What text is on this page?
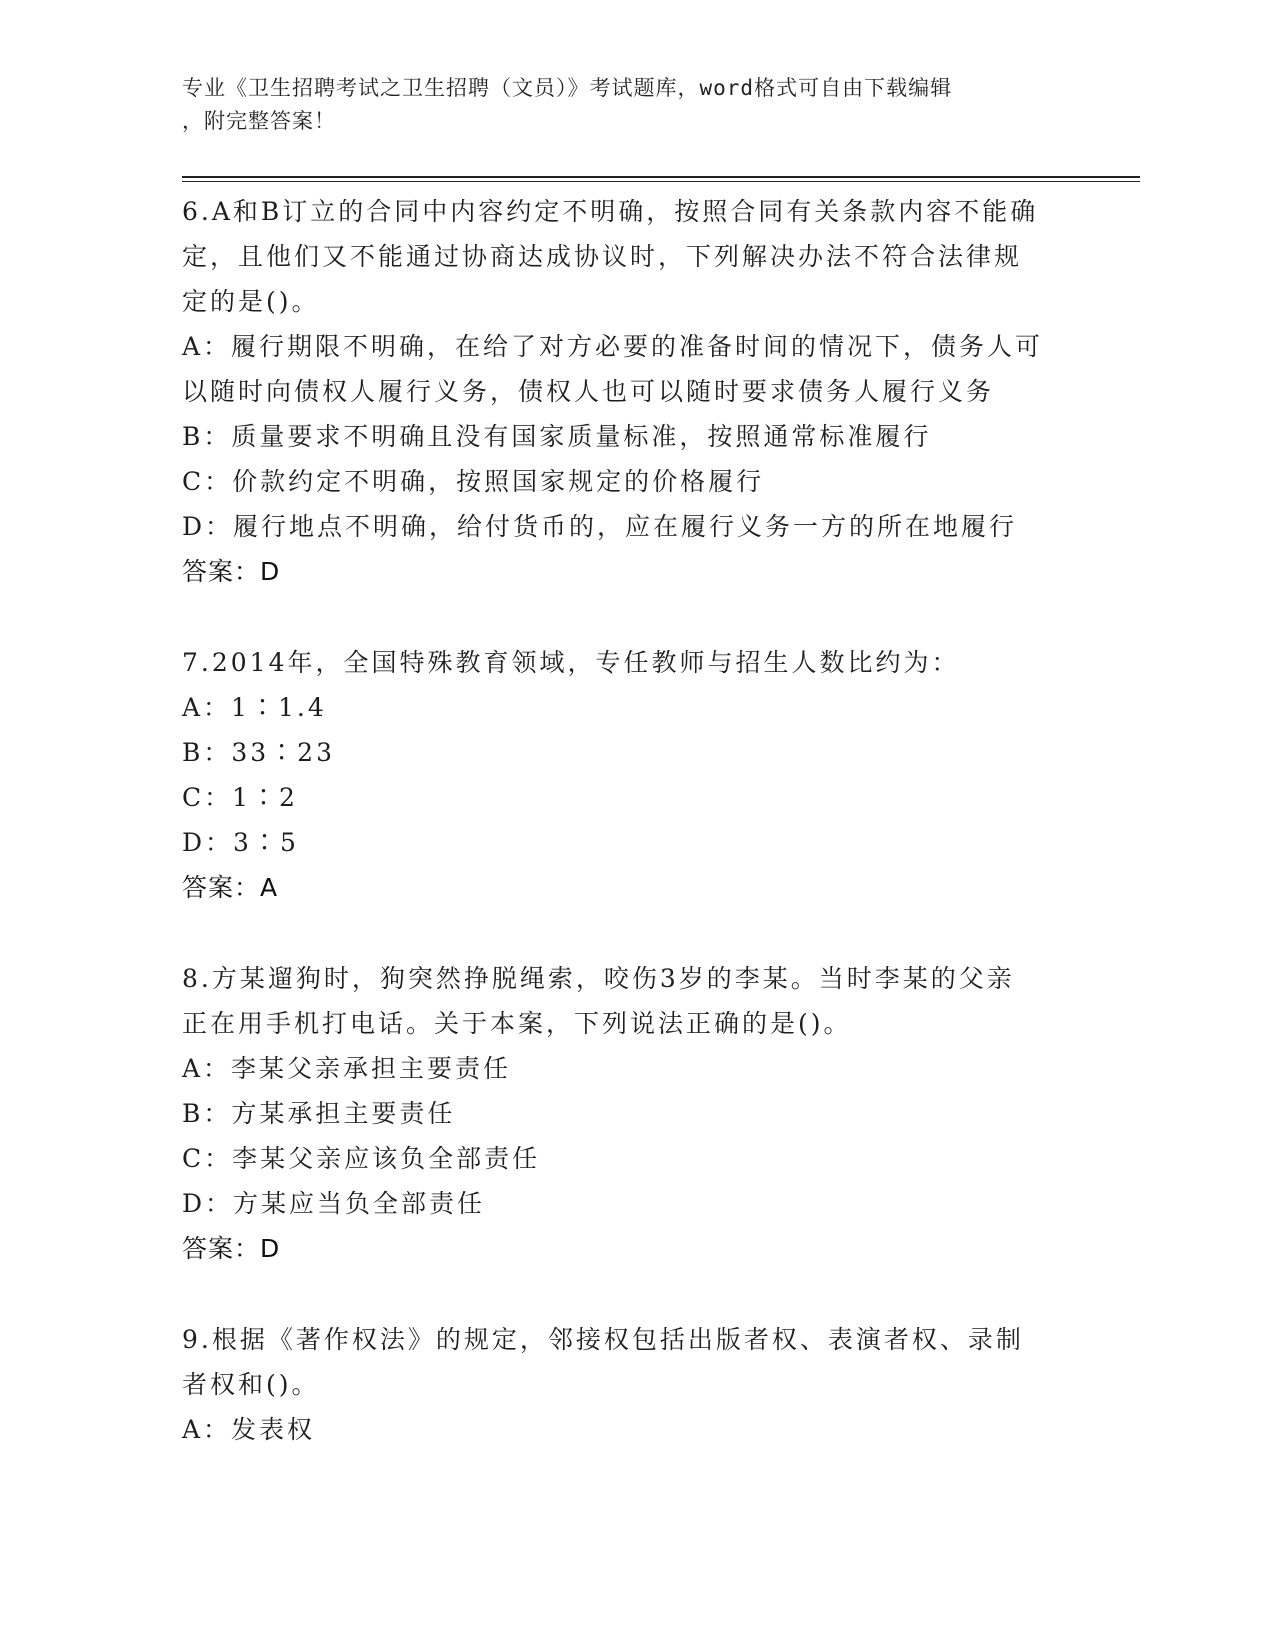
专业《卫生招聘考试之卫生招聘（文员）》考试题库，word格式可自由下载编辑
，附完整答案！
6.A和B订立的合同中内容约定不明确，按照合同有关条款内容不能确
定，且他们又不能通过协商达成协议时，下列解决办法不符合法律规
定的是()。
A：履行期限不明确，在给了对方必要的准备时间的情况下，债务人可
以随时向债权人履行义务，债权人也可以随时要求债务人履行义务
B：质量要求不明确且没有国家质量标准，按照通常标准履行
C：价款约定不明确，按照国家规定的价格履行
D：履行地点不明确，给付货币的，应在履行义务一方的所在地履行
答案：D
7.2014年，全国特殊教育领域，专任教师与招生人数比约为：
A：1∶1.4
B：33∶23
C：1∶2
D：3∶5
答案：A
8.方某遛狗时，狗突然挣脱绳索，咬伤3岁的李某。当时李某的父亲
正在用手机打电话。关于本案，下列说法正确的是()。
A：李某父亲承担主要责任
B：方某承担主要责任
C：李某父亲应该负全部责任
D：方某应当负全部责任
答案：D
9.根据《著作权法》的规定，邻接权包括出版者权、表演者权、录制
者权和()。
A：发表权
